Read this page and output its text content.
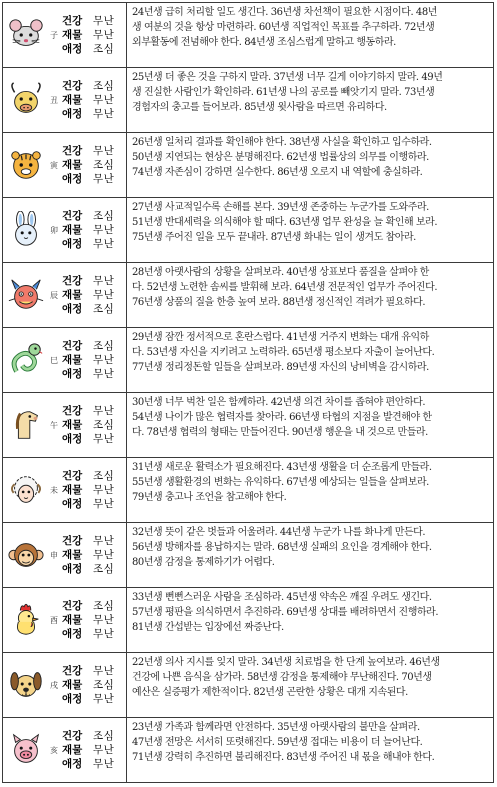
子
건강	무난
재물	무난
애정	조심
24년생 급히 처리할 일도 생긴다. 36년생 차선책이 필요한 시점이다. 48년
생 여분의 것을 항상 마련하라. 60년생 직업적인 목표를 추구하라. 72년생
외부활동에 전념해야 한다. 84년생 조심스럽게 말하고 행동하라.
丑
건강	조심
재물	무난
애정	무난
25년생 더 좋은 것을 구하지 말라. 37년생 너무 길게 이야기하지 말라. 49년
생 진실한 사람인가 확인하라. 61년생 나의 공로를 빼앗기지 말라. 73년생
경험자의 충고를 들어보라. 85년생 윗사람을 따르면 유리하다.
寅
건강	무난
재물	조심
애정	무난
26년생 일처리 결과를 확인해야 한다. 38년생 사실을 확인하고 입수하라.
50년생 지연되는 현상은 분명해진다. 62년생 법률상의 의무를 이행하라.
74년생 자존심이 강하면 실수한다. 86년생 오로지 내 역할에 충실하라.
卯
건강	조심
재물	무난
애정	무난
27년생 사교적일수록 손해를 본다. 39년생 존중하는 누군가를 도와주라.
51년생 반대세력을 의식해야 할 때다. 63년생 업무 완성을 늘 확인해 보라.
75년생 주어진 일을 모두 끝내라. 87년생 화내는 일이 생겨도 참아라.
辰
건강	무난
재물	무난
애정	조심
28년생 아랫사람의 상황을 살펴보라. 40년생 상표보다 품질을 살펴야 한
다. 52년생 노련한 솜씨를 발휘해 보라. 64년생 전문적인 업무가 주어진다.
76년생 상품의 질을 한층 높여 보라. 88년생 정신적인 격려가 필요하다.
巳
건강	조심
재물	무난
애정	무난
29년생 잠깐 정서적으로 혼란스럽다. 41년생 거주지 변화는 대개 유익하
다. 53년생 자신을 지키려고 노력하라. 65년생 평소보다 자출이 늘어난다.
77년생 정리정돈할 일들을 살펴보라. 89년생 자신의 낭비벽을 감시하라.
午
건강	무난
재물	조심
애정	무난
30년생 너무 벅찬 일은 함께하라. 42년생 의견 차이를 좁혀야 편안하다.
54년생 나이가 많은 협력자를 찾아라. 66년생 타협의 지점을 발견해야 한
다. 78년생 협력의 형태는 만들어진다. 90년생 행운을 내 것으로 만들라.
未
건강	조심
재물	무난
애정	무난
31년생 새로운 활력소가 필요해진다. 43년생 생활을 더 순조롭게 만들라.
55년생 생활환경의 변화는 유익하다. 67년생 예상되는 일들을 살펴보라.
79년생 충고나 조언을 참고해야 한다.
申
건강	무난
재물	무난
애정	조심
32년생 뜻이 같은 벗들과 어울려라. 44년생 누군가 나를 화나게 만든다.
56년생 방해자를 용납하지는 말라. 68년생 실패의 요인을 경계해야 한다.
80년생 감정을 통제하기가 어렵다.
酉
건강	조심
재물	무난
애정	무난
33년생 뻔뻔스러운 사람을 조심하라. 45년생 약속은 깨질 우려도 생긴다.
57년생 평판을 의식하면서 추진하라. 69년생 상대를 배려하면서 진행하라.
81년생 간섭받는 입장에선 짜증난다.
戌
건강	무난
재물	조심
애정	무난
22년생 의사 지시를 잊지 말라. 34년생 치료법을 한 단계 높여보라. 46년생
건강에 나쁜 음식을 삼가라. 58년생 감정을 통제해야 무난해진다. 70년생
예산은 실증평가 제한적이다. 82년생 곤란한 상황은 대개 지속된다.
亥
건강	조심
재물	무난
애정	무난
23년생 가족과 함께라면 안전하다. 35년생 아랫사람의 불만을 살펴라.
47년생 전망은 서서히 또렷해진다. 59년생 접대는 비용이 더 늘어난다.
71년생 강력히 추진하면 불리해진다. 83년생 주어진 내 몫을 해내야 한다.
